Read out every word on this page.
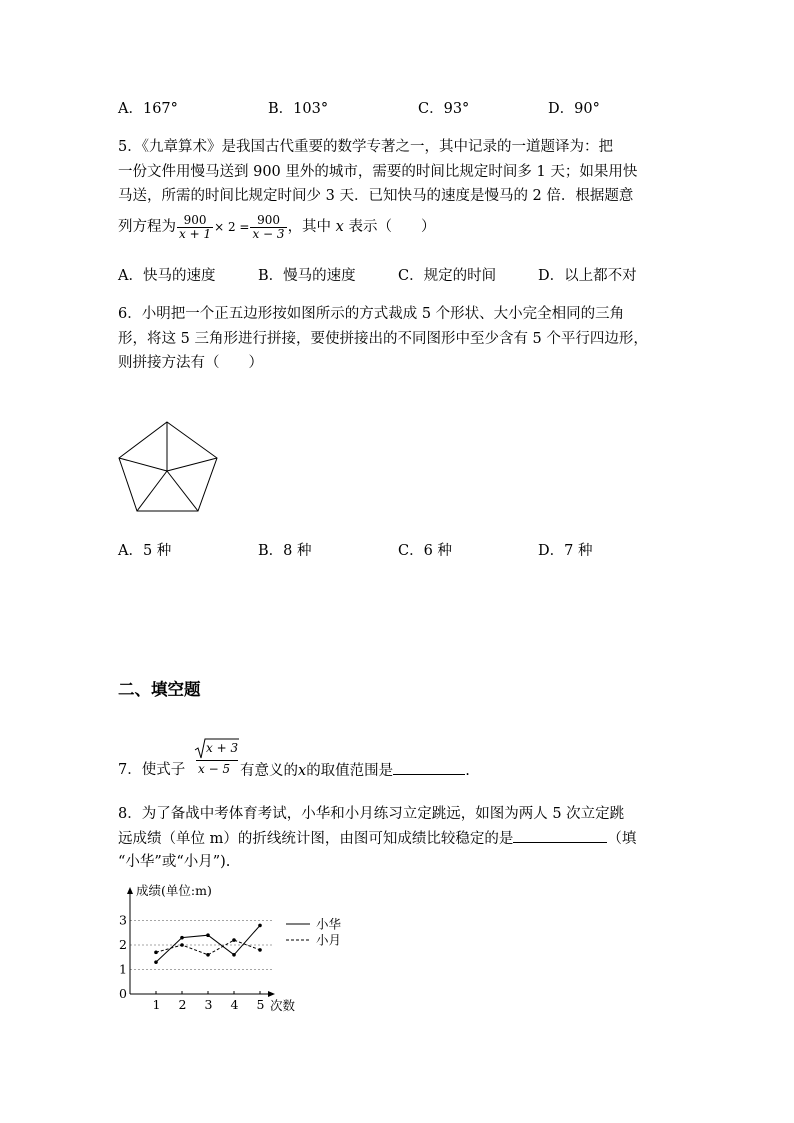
A．167°	B．103°	C．93°	D．90°
5．《九章算术》是我国古代重要的数学专著之一，其中记录的一道题译为：把
一份文件用慢马送到 900 里外的城市，需要的时间比规定时间多 1 天；如果用快
马送，所需的时间比规定时间少 3 天．已知快马的速度是慢马的 2 倍．根据题意
列方程为 $\frac{900}{x + 1} \times 2 = \frac{900}{x - 3}$ ，其中 x 表示（　　）
A．快马的速度	B．慢马的速度	C．规定的时间	D．以上都不对
6．小明把一个正五边形按如图所示的方式裁成 5 个形状、大小完全相同的三角
形，将这 5 三角形进行拼接，要使拼接出的不同图形中至少含有 5 个平行四边形，
则拼接方法有（　　）
A．5 种	B．8 种	C．6 种	D．7 种
二、填空题
7．使式子
x + 3
x − 5 有意义的x的取值范围是	.
8．为了备战中考体育考试，小华和小月练习立定跳远，如图为两人 5 次立定跳
远成绩（单位 m）的折线统计图，由图可知成绩比较稳定的是	（填
“小华”或“小月”).
成绩(单位:m)
次数
0
1
2
3
1 2 3 4 5
小华
小月
